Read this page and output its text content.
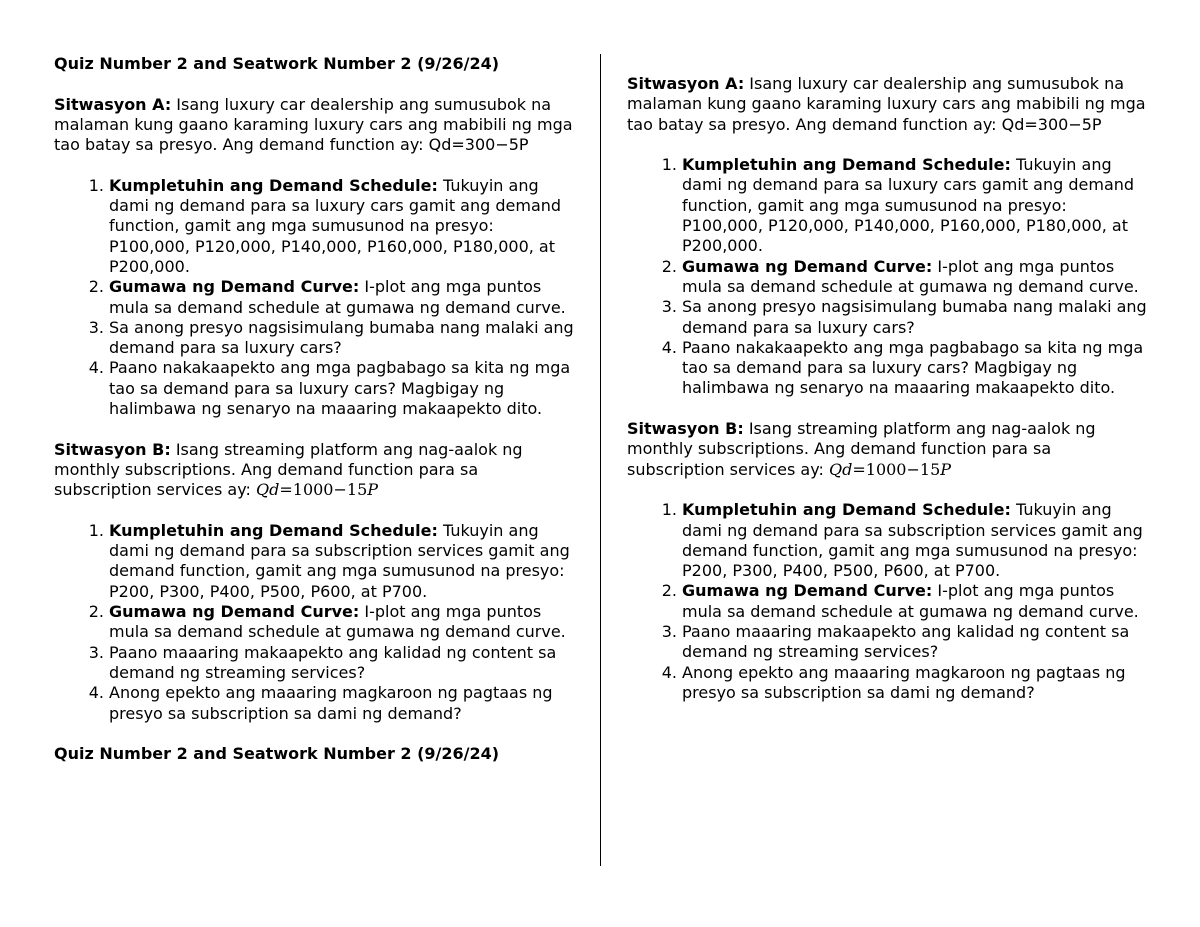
Quiz Number 2 and Seatwork Number 2 (9/26/24)

Sitwasyon A: Isang luxury car dealership ang sumusubok na malaman kung gaano karaming luxury cars ang mabibili ng mga tao batay sa presyo. Ang demand function ay: Qd=300−5P

1. Kumpletuhin ang Demand Schedule: Tukuyin ang dami ng demand para sa luxury cars gamit ang demand function, gamit ang mga sumusunod na presyo: P100,000, P120,000, P140,000, P160,000, P180,000, at P200,000.
2. Gumawa ng Demand Curve: I-plot ang mga puntos mula sa demand schedule at gumawa ng demand curve.
3. Sa anong presyo nagsisimulang bumaba nang malaki ang demand para sa luxury cars?
4. Paano nakakaapekto ang mga pagbabago sa kita ng mga tao sa demand para sa luxury cars? Magbigay ng halimbawa ng senaryo na maaaring makaapekto dito.

Sitwasyon B: Isang streaming platform ang nag-aalok ng monthly subscriptions. Ang demand function para sa subscription services ay: Qd=1000−15P

1. Kumpletuhin ang Demand Schedule: Tukuyin ang dami ng demand para sa subscription services gamit ang demand function, gamit ang mga sumusunod na presyo: P200, P300, P400, P500, P600, at P700.
2. Gumawa ng Demand Curve: I-plot ang mga puntos mula sa demand schedule at gumawa ng demand curve.
3. Paano maaaring makaapekto ang kalidad ng content sa demand ng streaming services?
4. Anong epekto ang maaaring magkaroon ng pagtaas ng presyo sa subscription sa dami ng demand?

Quiz Number 2 and Seatwork Number 2 (9/26/24)

Sitwasyon A: Isang luxury car dealership ang sumusubok na malaman kung gaano karaming luxury cars ang mabibili ng mga tao batay sa presyo. Ang demand function ay: Qd=300−5P

1. Kumpletuhin ang Demand Schedule: Tukuyin ang dami ng demand para sa luxury cars gamit ang demand function, gamit ang mga sumusunod na presyo: P100,000, P120,000, P140,000, P160,000, P180,000, at P200,000.
2. Gumawa ng Demand Curve: I-plot ang mga puntos mula sa demand schedule at gumawa ng demand curve.
3. Sa anong presyo nagsisimulang bumaba nang malaki ang demand para sa luxury cars?
4. Paano nakakaapekto ang mga pagbabago sa kita ng mga tao sa demand para sa luxury cars? Magbigay ng halimbawa ng senaryo na maaaring makaapekto dito.

Sitwasyon B: Isang streaming platform ang nag-aalok ng monthly subscriptions. Ang demand function para sa subscription services ay: Qd=1000−15P

1. Kumpletuhin ang Demand Schedule: Tukuyin ang dami ng demand para sa subscription services gamit ang demand function, gamit ang mga sumusunod na presyo: P200, P300, P400, P500, P600, at P700.
2. Gumawa ng Demand Curve: I-plot ang mga puntos mula sa demand schedule at gumawa ng demand curve.
3. Paano maaaring makaapekto ang kalidad ng content sa demand ng streaming services?
4. Anong epekto ang maaaring magkaroon ng pagtaas ng presyo sa subscription sa dami ng demand?
